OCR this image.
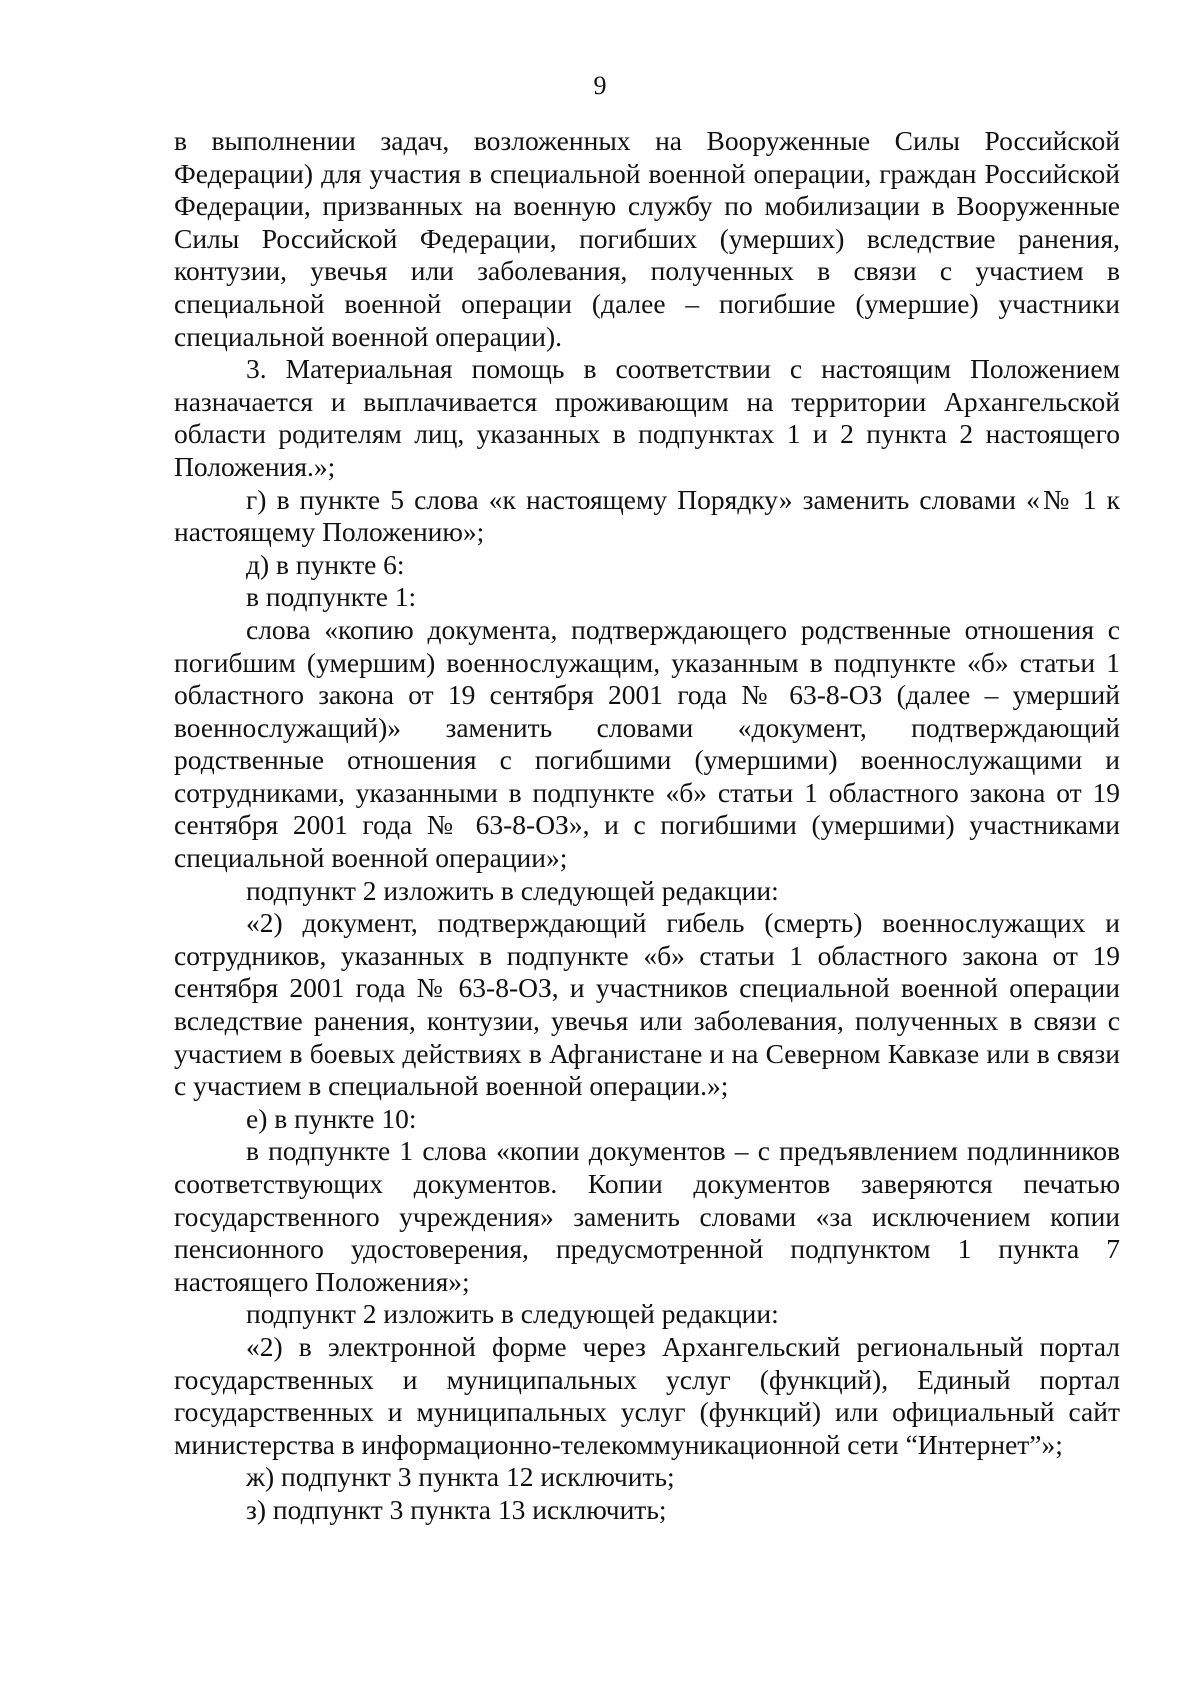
9

в выполнении задач, возложенных на Вооруженные Силы Российской Федерации) для участия в специальной военной операции, граждан Российской Федерации, призванных на военную службу по мобилизации в Вооруженные Силы Российской Федерации, погибших (умерших) вследствие ранения, контузии, увечья или заболевания, полученных в связи с участием в специальной военной операции (далее – погибшие (умершие) участники специальной военной операции).

3. Материальная помощь в соответствии с настоящим Положением назначается и выплачивается проживающим на территории Архангельской области родителям лиц, указанных в подпунктах 1 и 2 пункта 2 настоящего Положения.»;

г) в пункте 5 слова «к настоящему Порядку» заменить словами «№ 1 к настоящему Положению»;

д) в пункте 6:

в подпункте 1:

слова «копию документа, подтверждающего родственные отношения с погибшим (умершим) военнослужащим, указанным в подпункте «б» статьи 1 областного закона от 19 сентября 2001 года № 63-8-ОЗ (далее – умерший военнослужащий)» заменить словами «документ, подтверждающий родственные отношения с погибшими (умершими) военнослужащими и сотрудниками, указанными в подпункте «б» статьи 1 областного закона от 19 сентября 2001 года № 63-8-ОЗ», и с погибшими (умершими) участниками специальной военной операции»;

подпункт 2 изложить в следующей редакции:

«2) документ, подтверждающий гибель (смерть) военнослужащих и сотрудников, указанных в подпункте «б» статьи 1 областного закона от 19 сентября 2001 года № 63-8-ОЗ, и участников специальной военной операции вследствие ранения, контузии, увечья или заболевания, полученных в связи с участием в боевых действиях в Афганистане и на Северном Кавказе или в связи с участием в специальной военной операции.»;

е) в пункте 10:

в подпункте 1 слова «копии документов – с предъявлением подлинников соответствующих документов. Копии документов заверяются печатью государственного учреждения» заменить словами «за исключением копии пенсионного удостоверения, предусмотренной подпунктом 1 пункта 7 настоящего Положения»;

подпункт 2 изложить в следующей редакции:

«2) в электронной форме через Архангельский региональный портал государственных и муниципальных услуг (функций), Единый портал государственных и муниципальных услуг (функций) или официальный сайт министерства в информационно-телекоммуникационной сети “Интернет”»;

ж) подпункт 3 пункта 12 исключить;

з) подпункт 3 пункта 13 исключить;
